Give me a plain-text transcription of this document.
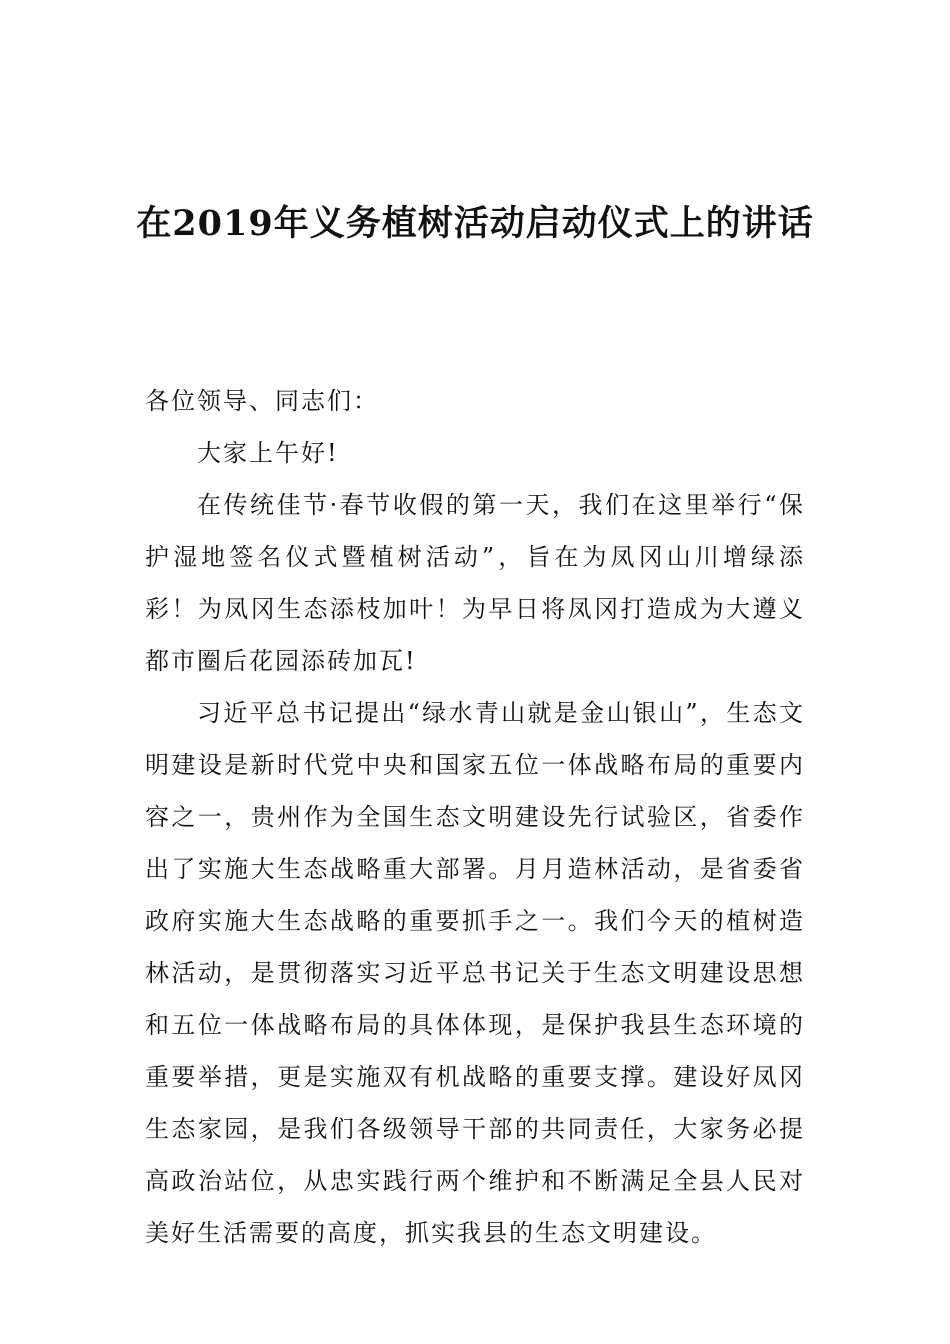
在2019年义务植树活动启动仪式上的讲话

各位领导、同志们：

大家上午好!

在传统佳节·春节收假的第一天，我们在这里举行“保护湿地签名仪式暨植树活动”，旨在为凤冈山川增绿添彩！为凤冈生态添枝加叶！为早日将凤冈打造成为大遵义都市圈后花园添砖加瓦!

习近平总书记提出“绿水青山就是金山银山”，生态文明建设是新时代党中央和国家五位一体战略布局的重要内容之一，贵州作为全国生态文明建设先行试验区，省委作出了实施大生态战略重大部署。月月造林活动，是省委省政府实施大生态战略的重要抓手之一。我们今天的植树造林活动，是贯彻落实习近平总书记关于生态文明建设思想和五位一体战略布局的具体体现，是保护我县生态环境的重要举措，更是实施双有机战略的重要支撑。建设好凤冈生态家园，是我们各级领导干部的共同责任，大家务必提高政治站位，从忠实践行两个维护和不断满足全县人民对美好生活需要的高度，抓实我县的生态文明建设。
